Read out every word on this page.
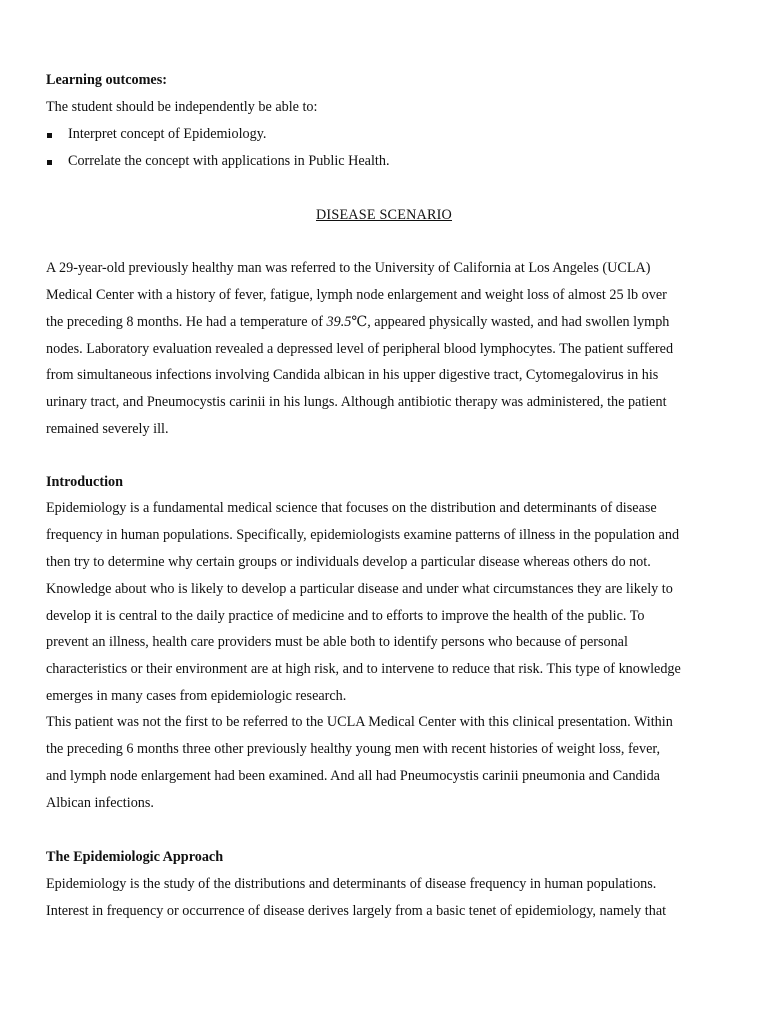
Learning outcomes:
The student should be independently be able to:
Interpret concept of Epidemiology.
Correlate the concept with applications in Public Health.
DISEASE SCENARIO
A 29-year-old previously healthy man was referred to the University of California at Los Angeles (UCLA)
Medical Center with a history of fever, fatigue, lymph node enlargement and weight loss of almost 25 lb over
the preceding 8 months. He had a temperature of 39.5℃, appeared physically wasted, and had swollen lymph
nodes. Laboratory evaluation revealed a depressed level of peripheral blood lymphocytes. The patient suffered
from simultaneous infections involving Candida albican in his upper digestive tract, Cytomegalovirus in his
urinary tract, and Pneumocystis carinii in his lungs. Although antibiotic therapy was administered, the patient
remained severely ill.
Introduction
Epidemiology is a fundamental medical science that focuses on the distribution and determinants of disease
frequency in human populations. Specifically, epidemiologists examine patterns of illness in the population and
then try to determine why certain groups or individuals develop a particular disease whereas others do not.
Knowledge about who is likely to develop a particular disease and under what circumstances they are likely to
develop it is central to the daily practice of medicine and to efforts to improve the health of the public. To
prevent an illness, health care providers must be able both to identify persons who because of personal
characteristics or their environment are at high risk, and to intervene to reduce that risk. This type of knowledge
emerges in many cases from epidemiologic research.
This patient was not the first to be referred to the UCLA Medical Center with this clinical presentation. Within
the preceding 6 months three other previously healthy young men with recent histories of weight loss, fever,
and lymph node enlargement had been examined. And all had Pneumocystis carinii pneumonia and Candida
Albican infections.
The Epidemiologic Approach
Epidemiology is the study of the distributions and determinants of disease frequency in human populations.
Interest in frequency or occurrence of disease derives largely from a basic tenet of epidemiology, namely that
